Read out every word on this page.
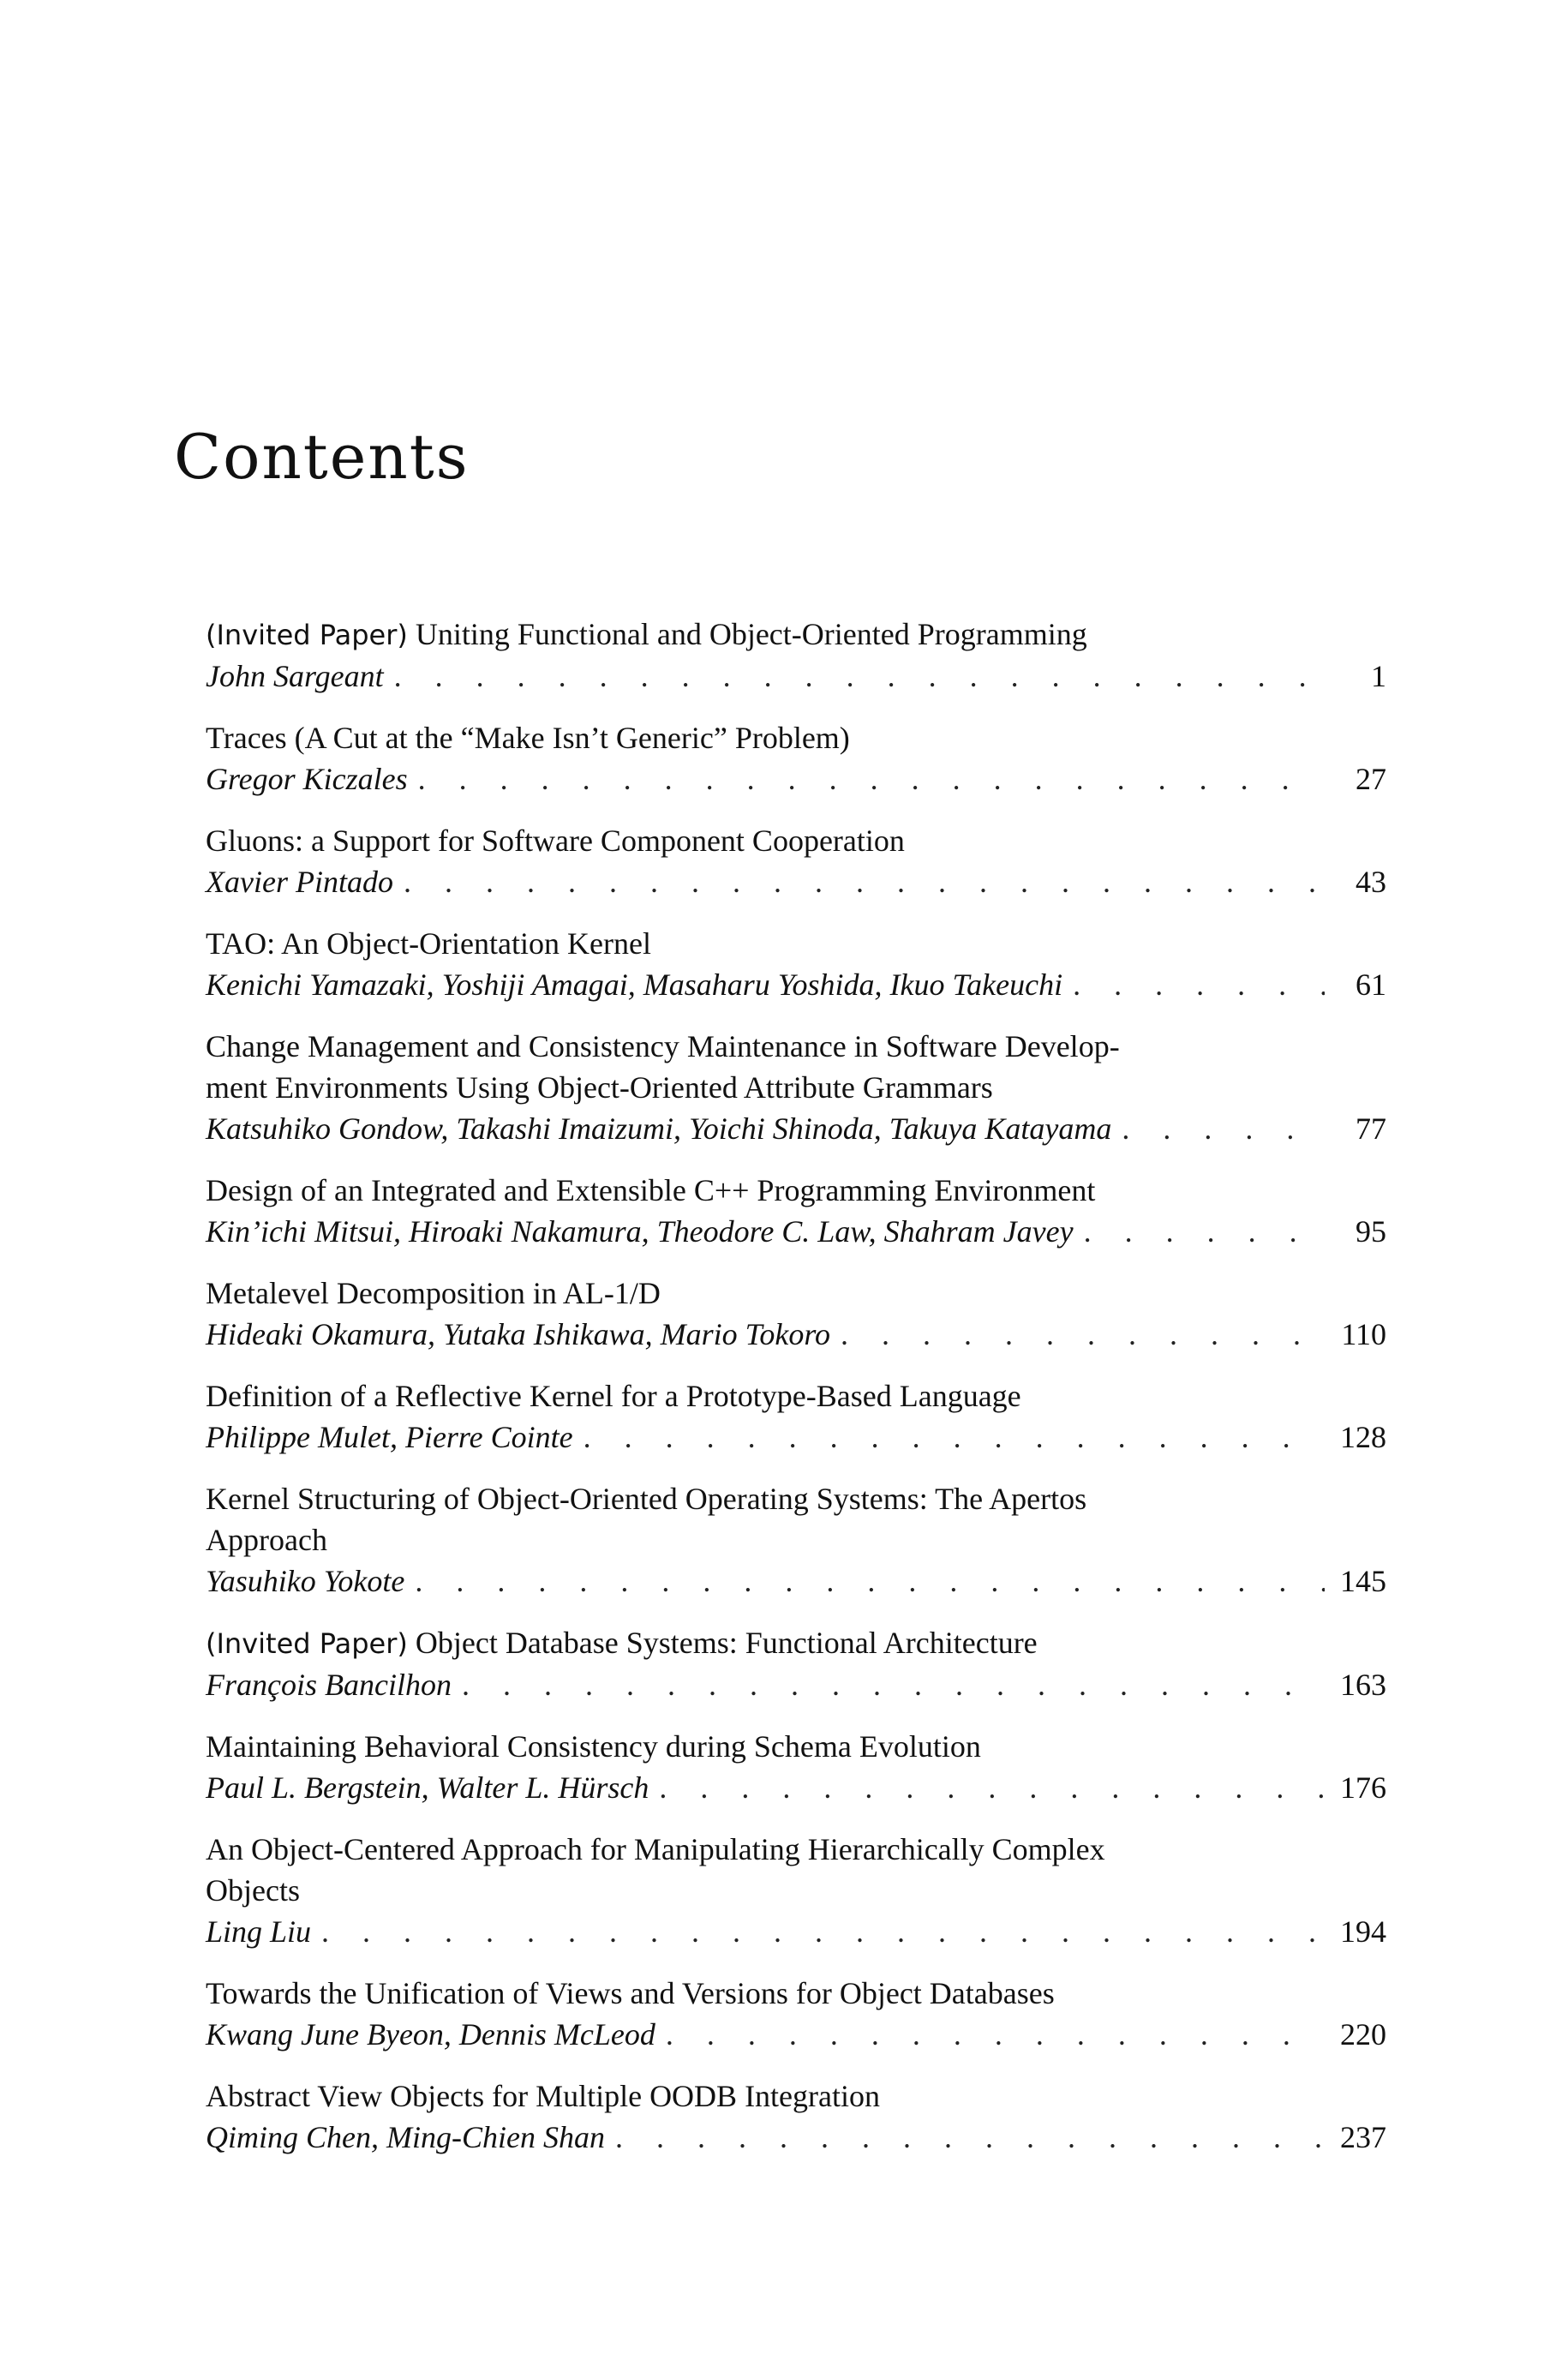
Contents
(Invited Paper) Uniting Functional and Object-Oriented Programming
John Sargeant . . .	1
Traces (A Cut at the “Make Isn’t Generic” Problem)
Gregor Kiczales . . .	27
Gluons: a Support for Software Component Cooperation
Xavier Pintado . . .	43
TAO: An Object-Orientation Kernel
Kenichi Yamazaki, Yoshiji Amagai, Masaharu Yoshida, Ikuo Takeuchi . . .	61
Change Management and Consistency Maintenance in Software Develop-
ment Environments Using Object-Oriented Attribute Grammars
Katsuhiko Gondow, Takashi Imaizumi, Yoichi Shinoda, Takuya Katayama . . .	77
Design of an Integrated and Extensible C++ Programming Environment
Kin’ichi Mitsui, Hiroaki Nakamura, Theodore C. Law, Shahram Javey . . .	95
Metalevel Decomposition in AL-1/D
Hideaki Okamura, Yutaka Ishikawa, Mario Tokoro . . .	110
Definition of a Reflective Kernel for a Prototype-Based Language
Philippe Mulet, Pierre Cointe . . .	128
Kernel Structuring of Object-Oriented Operating Systems: The Apertos
Approach
Yasuhiko Yokote . . .	145
(Invited Paper) Object Database Systems: Functional Architecture
François Bancilhon . . .	163
Maintaining Behavioral Consistency during Schema Evolution
Paul L. Bergstein, Walter L. Hürsch . . .	176
An Object-Centered Approach for Manipulating Hierarchically Complex
Objects
Ling Liu . . .	194
Towards the Unification of Views and Versions for Object Databases
Kwang June Byeon, Dennis McLeod . . .	220
Abstract View Objects for Multiple OODB Integration
Qiming Chen, Ming-Chien Shan . . .	237
